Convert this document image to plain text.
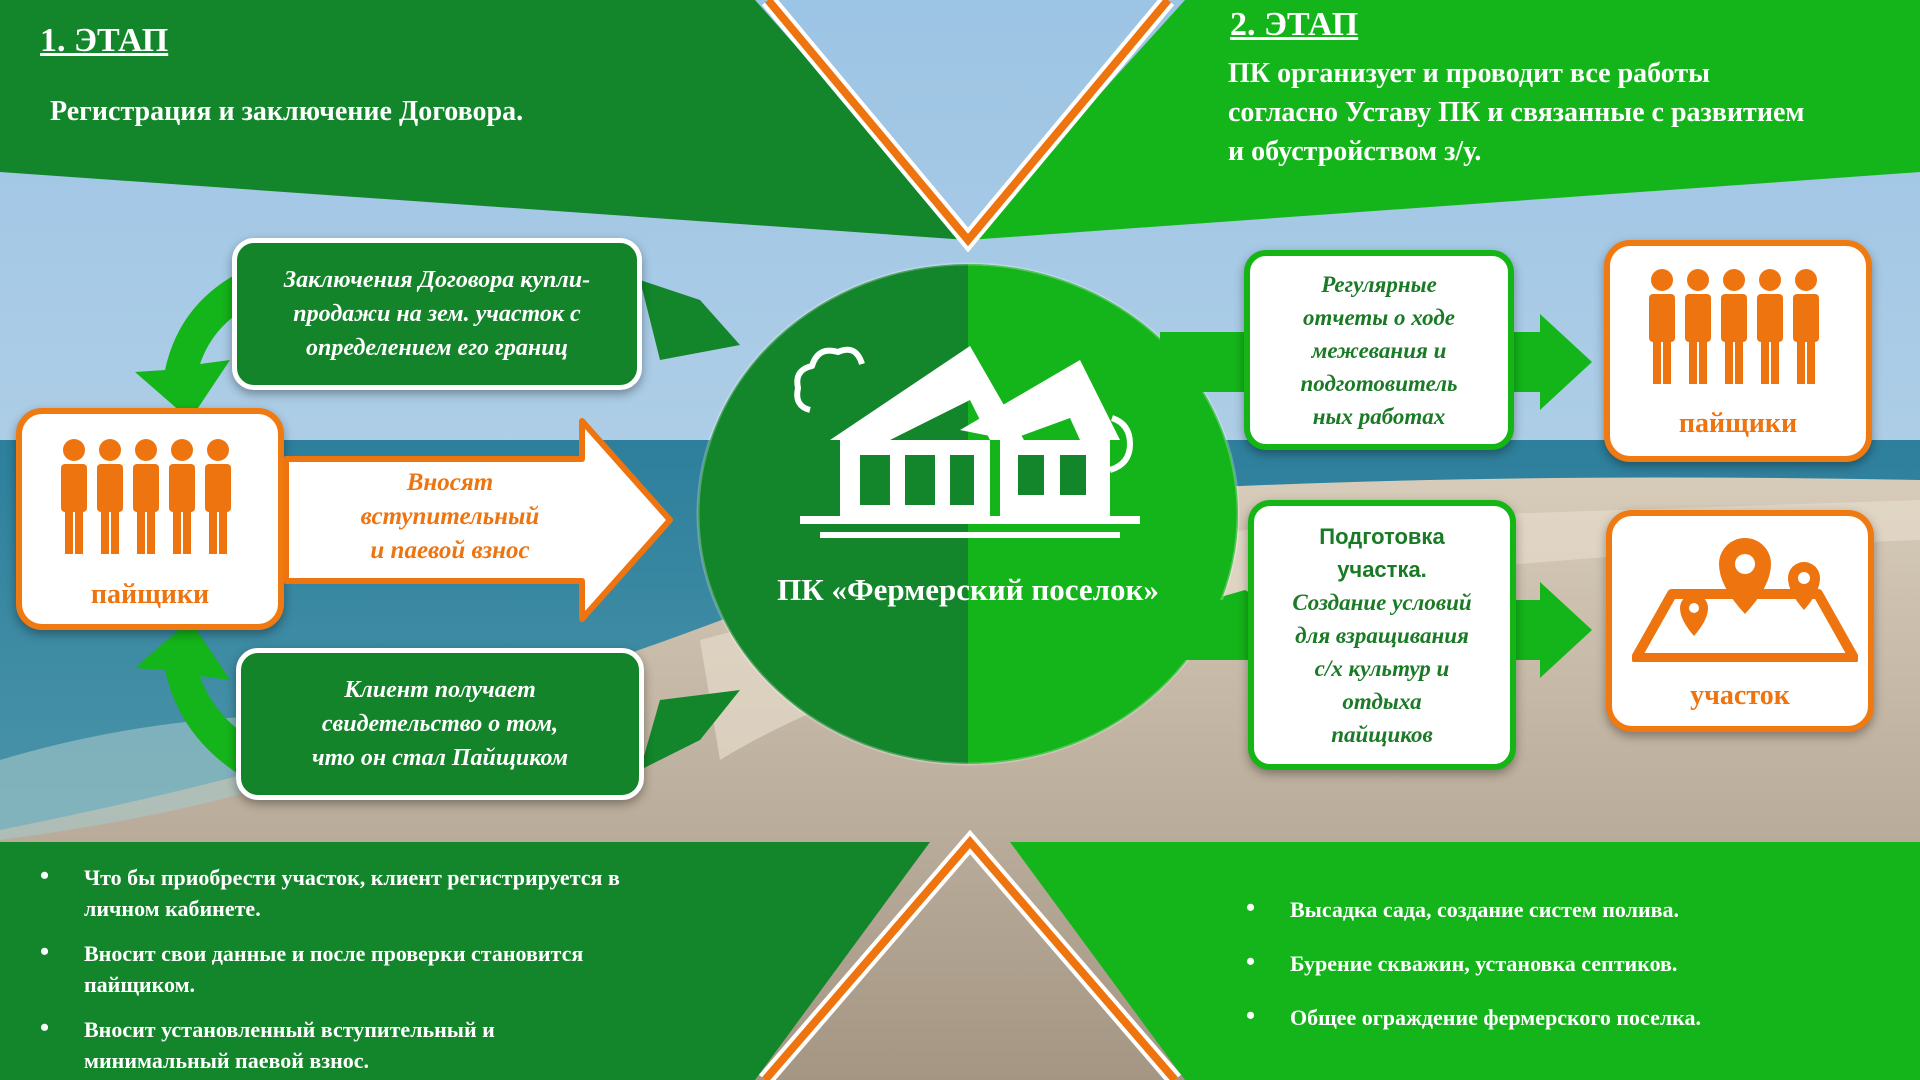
1. ЭТАП
Регистрация и заключение Договора.
2. ЭТАП
ПК организует и проводит все работы
согласно Уставу ПК и связанные с развитием
и обустройством з/у.
Заключения Договора купли-
продажи на зем. участок с
определением его границ
пайщики
Вносят
вступительный
и паевой взнос
Клиент получает
свидетельство о том,
что он стал Пайщиком
ПК «Фермерский поселок»
Регулярные
отчеты о ходе
межевания и
подготовитель
ных работах	пайщики
Подготовка
участка.
Создание условий
для взращивания
с/х культур и
отдыха
пайщиков
участок
• Что бы приобрести участок, клиент регистрируется в
личном кабинете.
• Вносит свои данные и после проверки становится
пайщиком.
• Вносит установленный вступительный и
минимальный паевой взнос.
• Высадка сада, создание систем полива.
• Бурение скважин, установка септиков.
• Общее ограждение фермерского поселка.
